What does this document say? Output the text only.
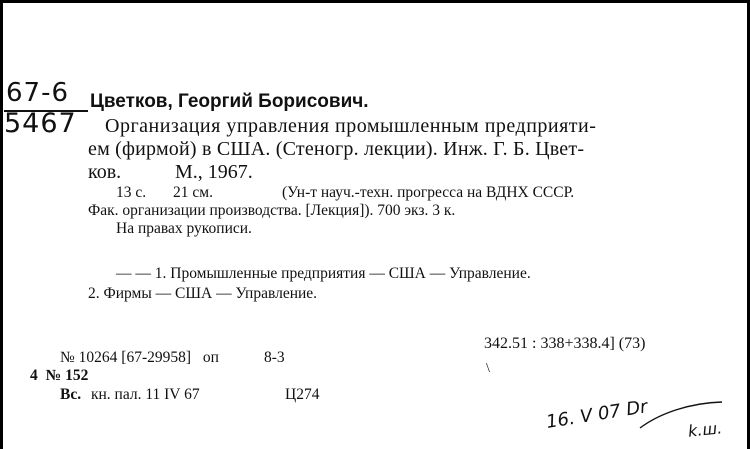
67-6
5467
Цветков, Георгий Борисович.
Организация управления промышленным предприяти-
ем (фирмой) в США. (Стеногр. лекции). Инж. Г. Б. Цвет-
ков.	М., 1967.
13 с. 21 см.	(Ун-т науч.-техн. прогресса на ВДНХ СССР.
Фак. организации производства. [Лекция]). 700 экз. 3 к.
На правах рукописи.
— — 1. Промышленные предприятия — США — Управление.
2. Фирмы — США — Управление.
342.51 : 338+338.4] (73)
\
№ 10264 [67-29958] оп	8-3
4 № 152
Вс. кн. пал. 11 IV 67	Ц274
16. V 07 Dr k.ш.
